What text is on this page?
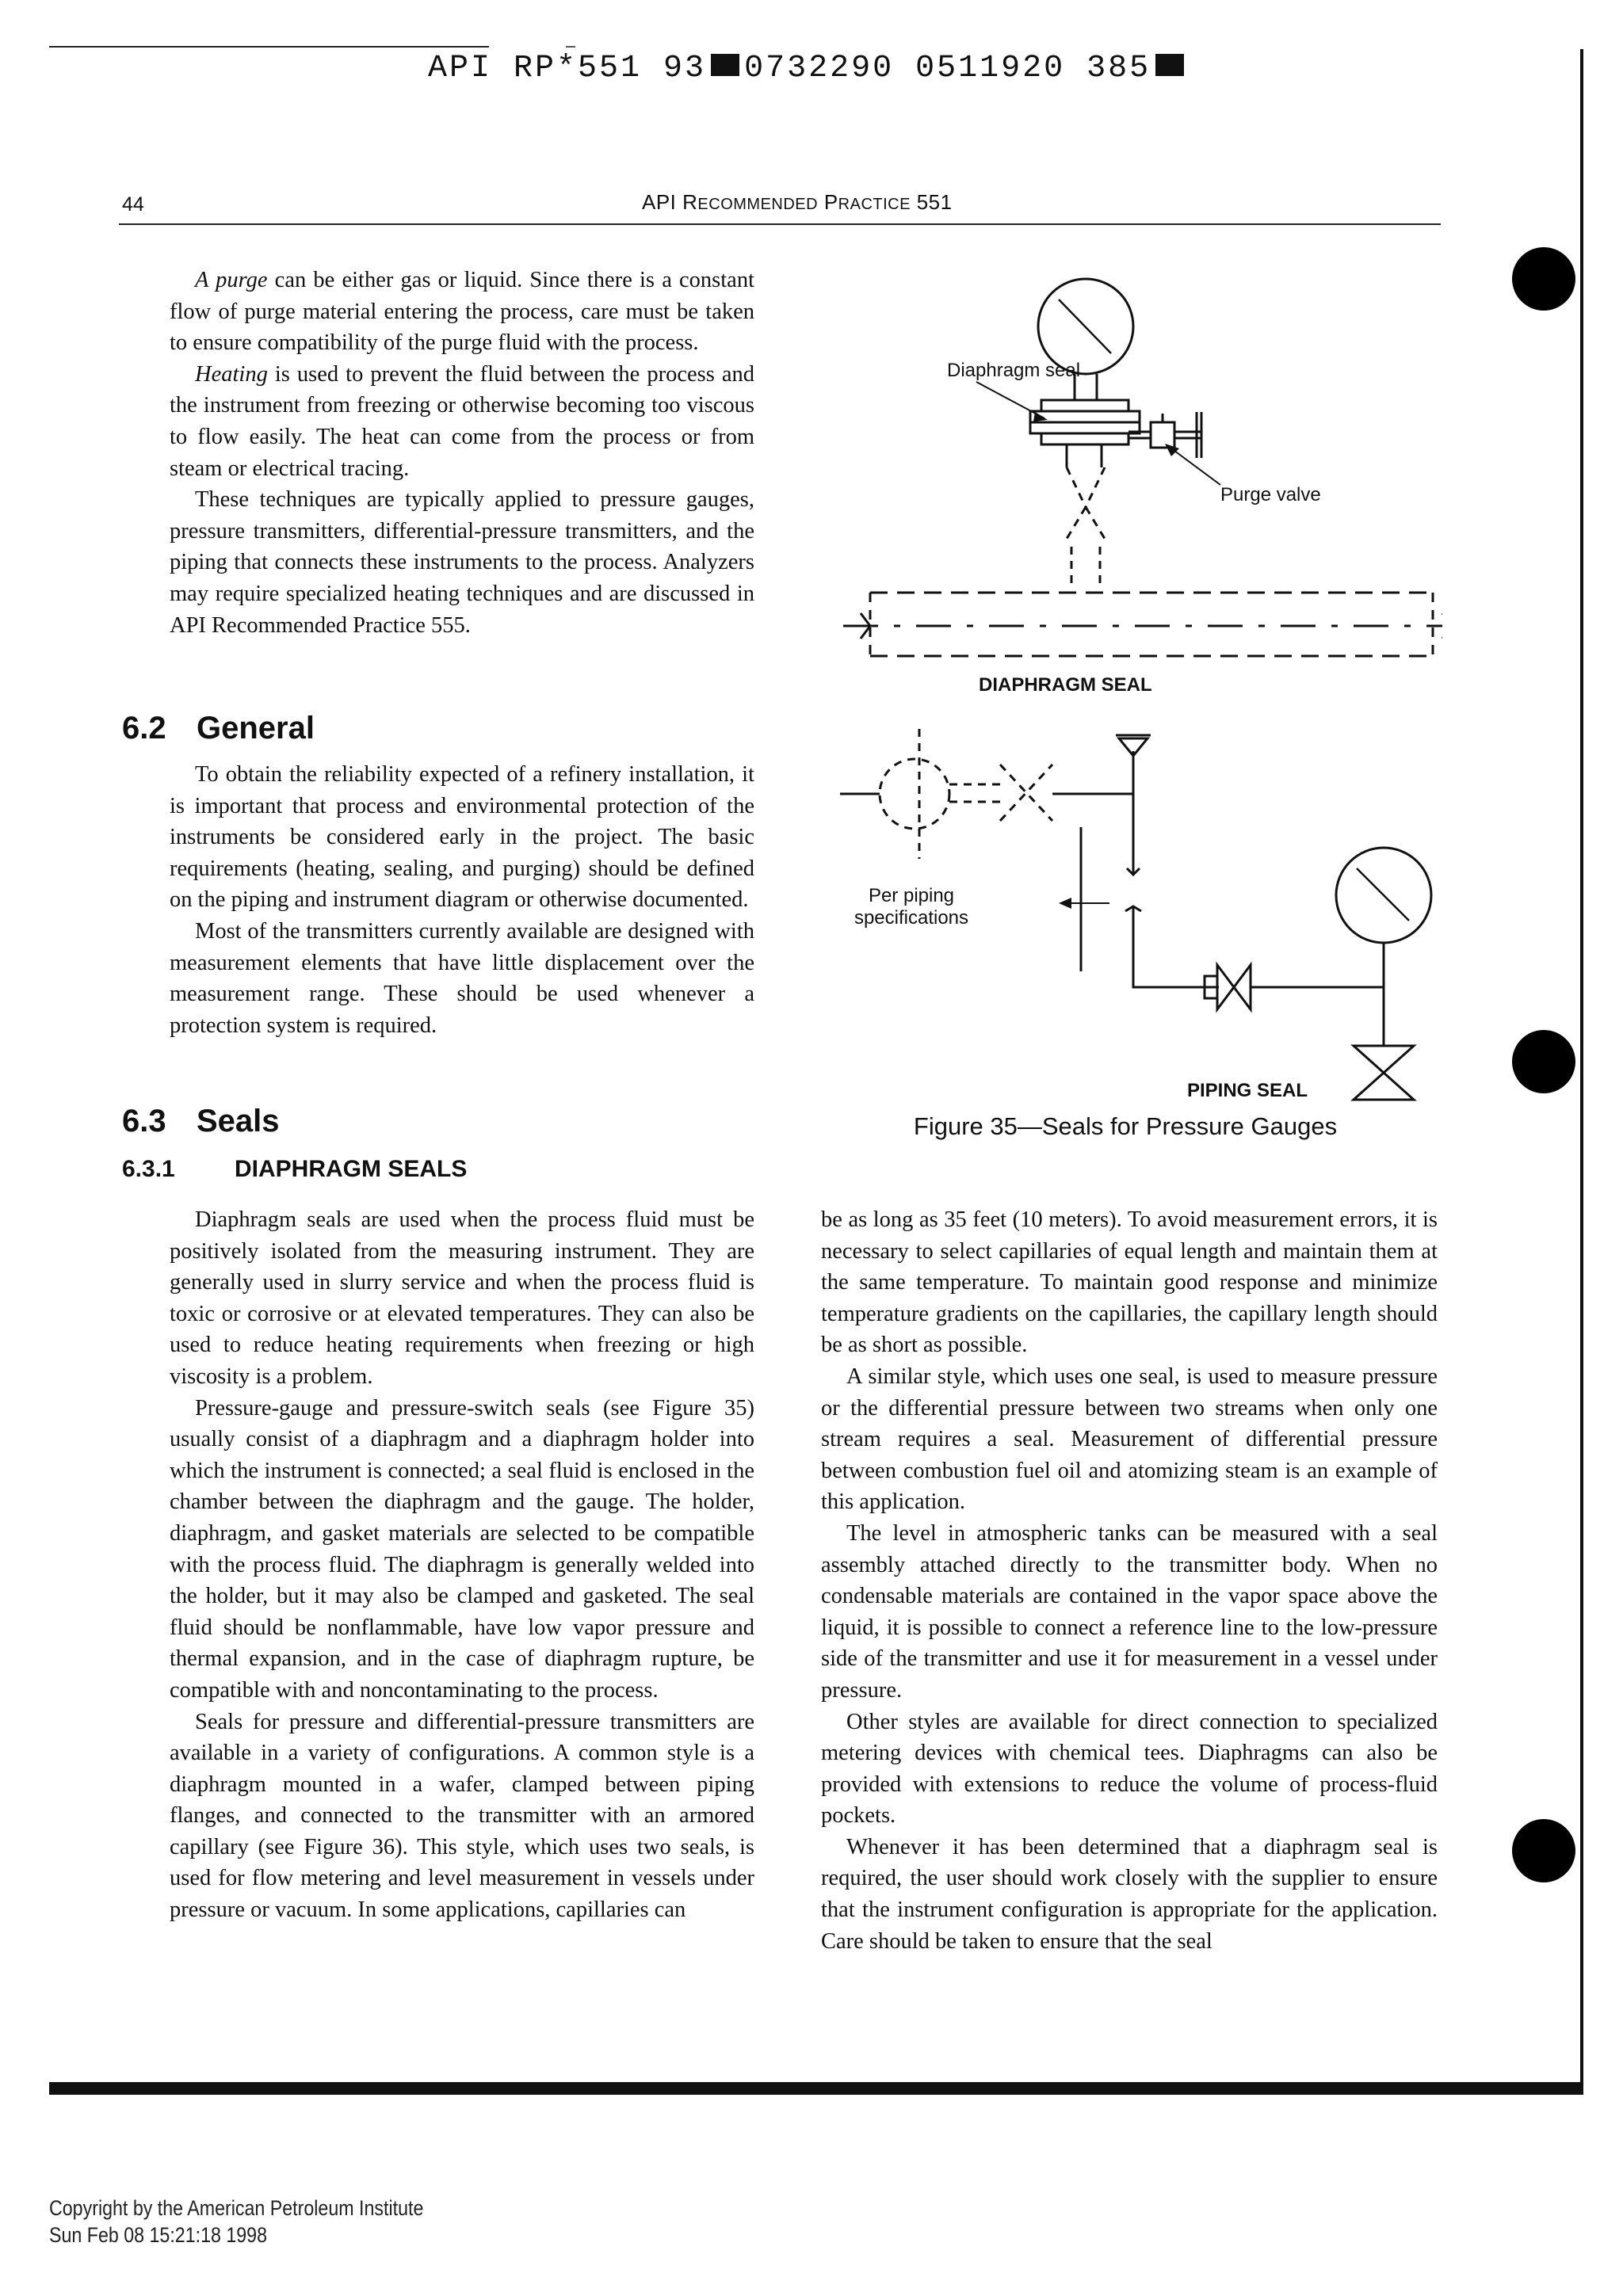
API RP*551 93 0732290 0511920 385
44	API RECOMMENDED PRACTICE 551

A purge can be either gas or liquid. Since there is a constant flow of purge material entering the process, care must be taken to ensure compatibility of the purge fluid with the process.

Heating is used to prevent the fluid between the process and the instrument from freezing or otherwise becoming too viscous to flow easily. The heat can come from the process or from steam or electrical tracing.

These techniques are typically applied to pressure gauges, pressure transmitters, differential-pressure transmitters, and the piping that connects these instruments to the process. Analyzers may require specialized heating techniques and are discussed in API Recommended Practice 555.

6.2 General

To obtain the reliability expected of a refinery installation, it is important that process and environmental protection of the instruments be considered early in the project. The basic requirements (heating, sealing, and purging) should be defined on the piping and instrument diagram or otherwise documented.

Most of the transmitters currently available are designed with measurement elements that have little displacement over the measurement range. These should be used whenever a protection system is required.

6.3 Seals
6.3.1	DIAPHRAGM SEALS

Diaphragm seals are used when the process fluid must be positively isolated from the measuring instrument. They are generally used in slurry service and when the process fluid is toxic or corrosive or at elevated temperatures. They can also be used to reduce heating requirements when freezing or high viscosity is a problem.

Pressure-gauge and pressure-switch seals (see Figure 35) usually consist of a diaphragm and a diaphragm holder into which the instrument is connected; a seal fluid is enclosed in the chamber between the diaphragm and the gauge. The holder, diaphragm, and gasket materials are selected to be compatible with the process fluid. The diaphragm is generally welded into the holder, but it may also be clamped and gasketed. The seal fluid should be nonflammable, have low vapor pressure and thermal expansion, and in the case of diaphragm rupture, be compatible with and noncontaminating to the process.

Seals for pressure and differential-pressure transmitters are available in a variety of configurations. A common style is a diaphragm mounted in a wafer, clamped between piping flanges, and connected to the transmitter with an armored capillary (see Figure 36). This style, which uses two seals, is used for flow metering and level measurement in vessels under pressure or vacuum. In some applications, capillaries can

be as long as 35 feet (10 meters). To avoid measurement errors, it is necessary to select capillaries of equal length and maintain them at the same temperature. To maintain good response and minimize temperature gradients on the capillaries, the capillary length should be as short as possible.

A similar style, which uses one seal, is used to measure pressure or the differential pressure between two streams when only one stream requires a seal. Measurement of differential pressure between combustion fuel oil and atomizing steam is an example of this application.

The level in atmospheric tanks can be measured with a seal assembly attached directly to the transmitter body. When no condensable materials are contained in the vapor space above the liquid, it is possible to connect a reference line to the low-pressure side of the transmitter and use it for measurement in a vessel under pressure.

Other styles are available for direct connection to specialized metering devices with chemical tees. Diaphragms can also be provided with extensions to reduce the volume of process-fluid pockets.

Whenever it has been determined that a diaphragm seal is required, the user should work closely with the supplier to ensure that the instrument configuration is appropriate for the application. Care should be taken to ensure that the seal

Diaphragm seal
Purge valve
DIAPHRAGM SEAL
Per piping
specifications
PIPING SEAL
Figure 35—Seals for Pressure Gauges
Copyright by the American Petroleum Institute
Sun Feb 08 15:21:18 1998
